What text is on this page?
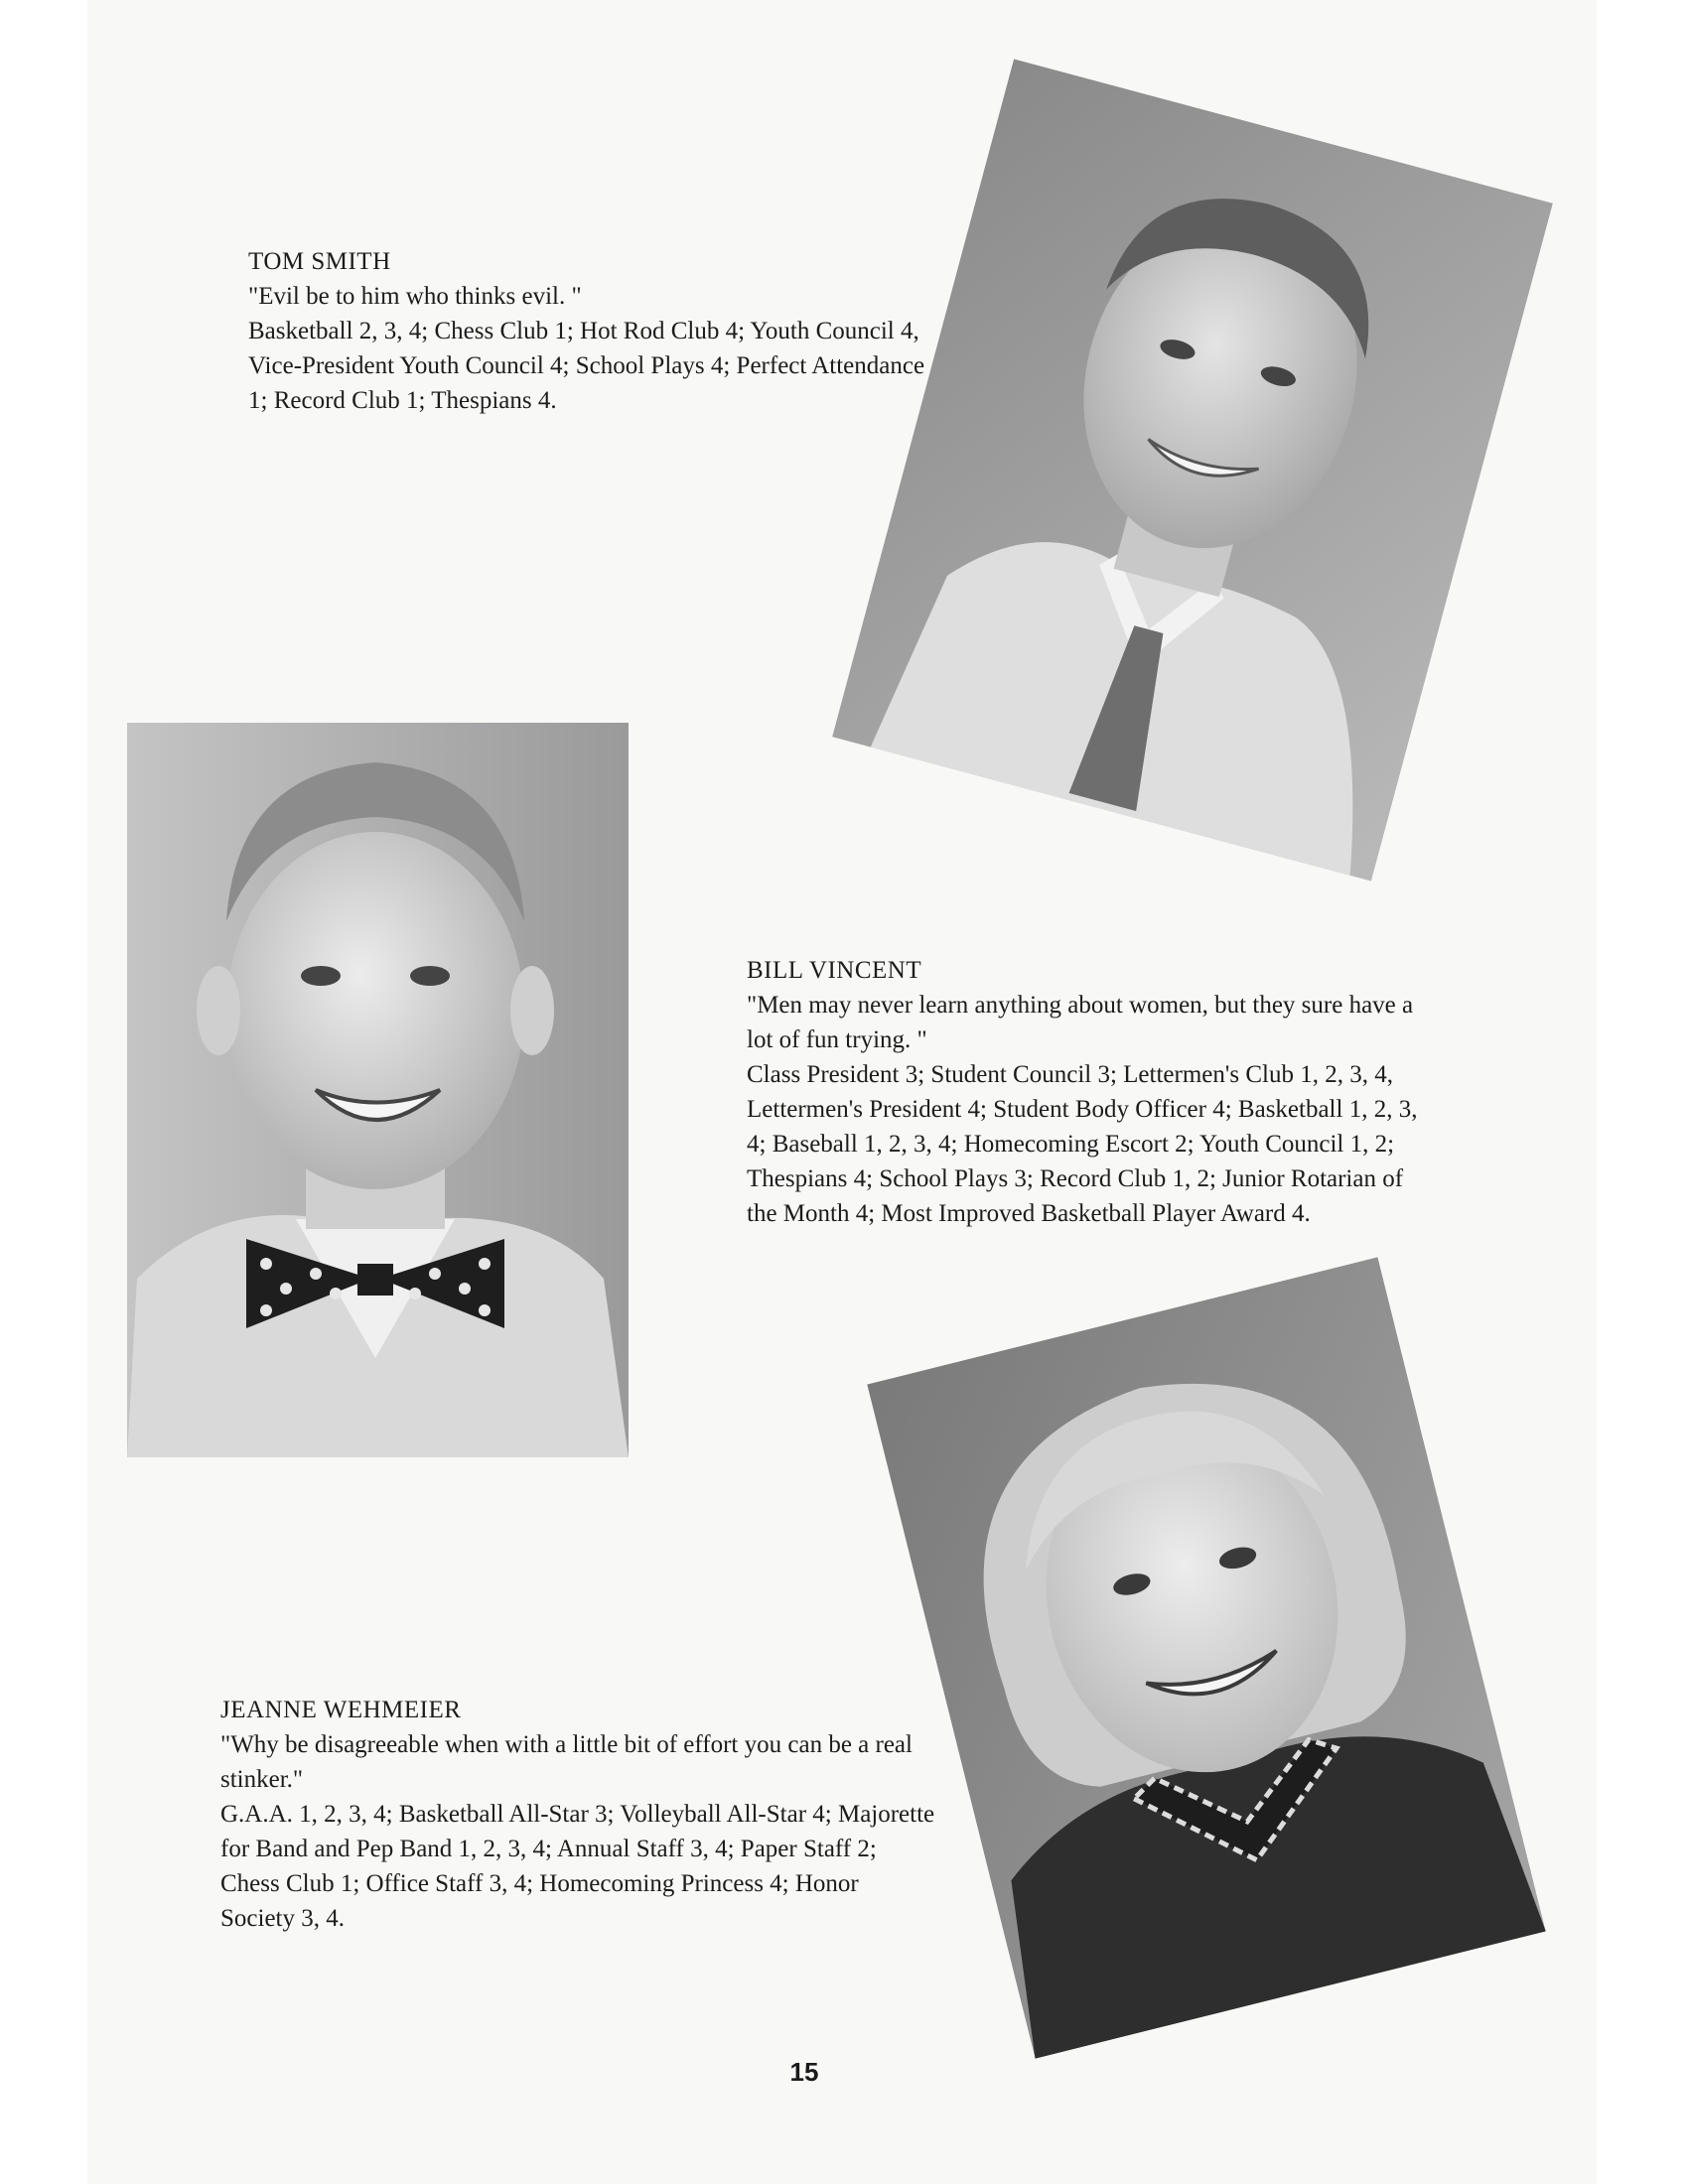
TOM SMITH

"Evil be to him who thinks evil. "

Basketball 2, 3, 4; Chess Club 1; Hot Rod Club 4; Youth Council 4, Vice-President Youth Council 4; School Plays 4; Perfect Attendance 1; Record Club 1; Thespians 4.

BILL VINCENT

"Men may never learn anything about women, but they sure have a lot of fun trying. "

Class President 3; Student Council 3; Lettermen's Club 1, 2, 3, 4, Lettermen's President 4; Student Body Officer 4; Basketball 1, 2, 3, 4; Baseball 1, 2, 3, 4; Homecoming Escort 2; Youth Council 1, 2; Thespians 4; School Plays 3; Record Club 1, 2; Junior Rotarian of the Month 4; Most Improved Basketball Player Award 4.

JEANNE WEHMEIER

"Why be disagreeable when with a little bit of effort you can be a real stinker."

G.A.A. 1, 2, 3, 4; Basketball All-Star 3; Volleyball All-Star 4; Majorette for Band and Pep Band 1, 2, 3, 4; Annual Staff 3, 4; Paper Staff 2; Chess Club 1; Office Staff 3, 4; Homecoming Princess 4; Honor Society 3, 4.

15
